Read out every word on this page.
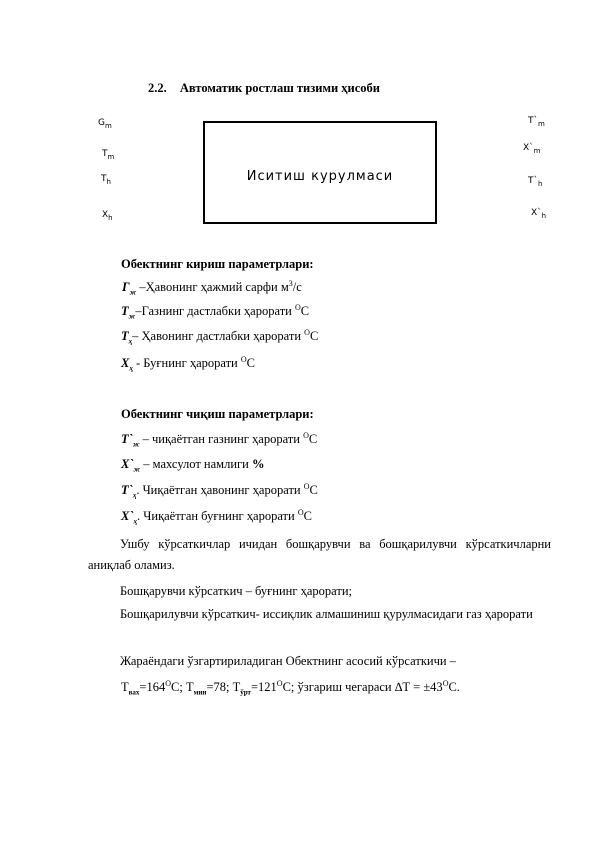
2.2. Автоматик ростлаш тизими ҳисоби
$G_m$
$T_m$
$T_h$
$X_h$
Иситиш курулмаси
$T`_m$
$X`_m$
$T`_h$
$X`_h$
Обектнинг кириш параметрлари:
$Г_ж$ –Ҳавонинг ҳажмий сарфи $м^3/с$
$Т_ж$–Газнинг дастлабки ҳарорати $^О$С
$Т_ҳ-$ Ҳавонинг дастлабки ҳарорати $^О$С
$Х_ҳ$ - Буғнинг ҳарорати $^О$С
Обектнинг чиқиш параметрлари:
$Т`_ж$ – чиқаётган газнинг ҳарорати $^О$С
$Х`_ж$ – махсулот намлиги %
$Т`_ҳ$. Чиқаётган ҳавонинг ҳарорати $^О$С
$Х`_ҳ$. Чиқаётган буғнинг ҳарорати $^О$С
Ушбу кўрсаткичлар ичидан бошқарувчи ва бошқарилувчи кўрсаткичларни аниқлаб оламиз.
Бошқарувчи кўрсаткич – буғнинг ҳарорати;
Бошқарилувчи кўрсаткич- иссиқлик алмашиниш қурулмасидаги газ ҳарорати
Жараёндаги ўзгартириладиган Обектнинг асосий кўрсаткичи –
$Т_{вах}=164^ОС$; $Т_{мин}=78$; $Т_{ўрт}=121^ОС$; ўзгариш чегараси $\Delta Т = \pm 43^ОС$.
